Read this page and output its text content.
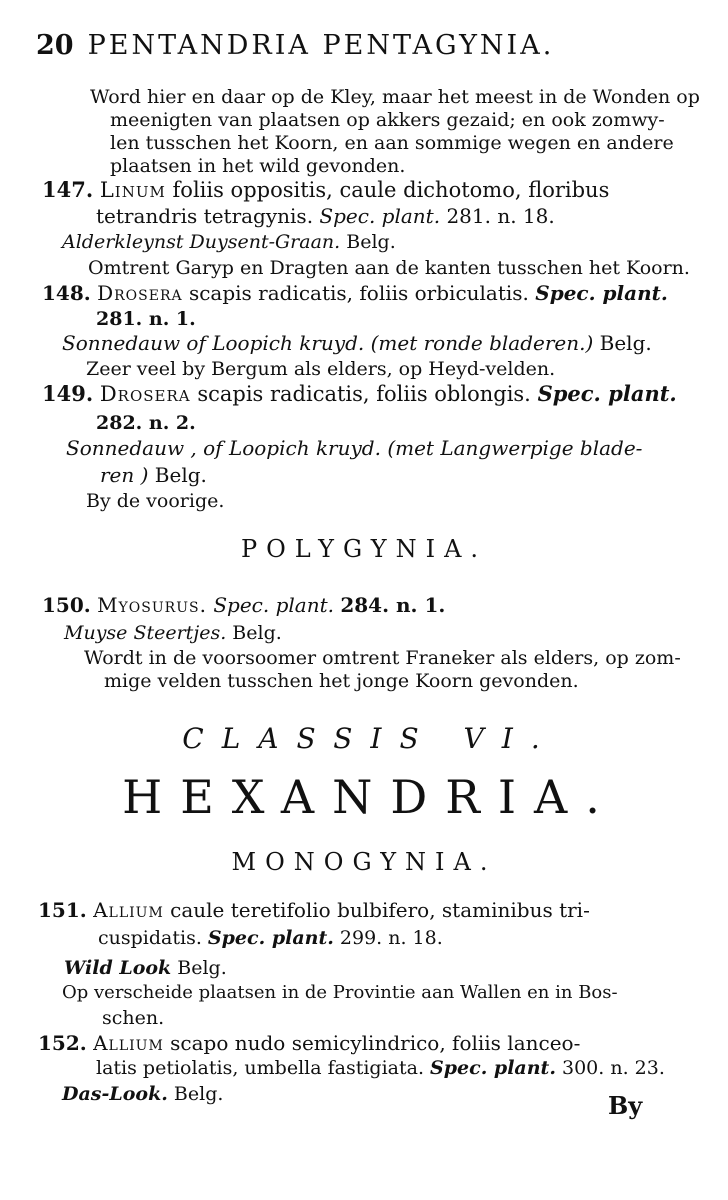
20 PENTANDRIA PENTAGYNIA.
Word hier en daar op de Kley, maar het meest in de Wonden op
meenigten van plaatsen op akkers gezaid; en ook zomwy-
len tusschen het Koorn, en aan sommige wegen en andere
plaatsen in het wild gevonden.
147. Linum foliis oppositis, caule dichotomo, floribus
tetrandris tetragynis. Spec. plant. 281. n. 18.
Alderkleynst Duysent-Graan. Belg.
Omtrent Garyp en Dragten aan de kanten tusschen het Koorn.
148. Drosera scapis radicatis, foliis orbiculatis. Spec. plant.
281. n. 1.
Sonnedauw of Loopich kruyd. (met ronde bladeren.) Belg.
Zeer veel by Bergum als elders, op Heyd-velden.
149. Drosera scapis radicatis, foliis oblongis. Spec. plant.
282. n. 2.
Sonnedauw , of Loopich kruyd. (met Langwerpige blade-
ren ) Belg.
By de voorige.
POLYGYNIA.
150. Myosurus. Spec. plant. 284. n. 1.
Muyse Steertjes. Belg.
Wordt in de voorsoomer omtrent Franeker als elders, op zom-
mige velden tusschen het jonge Koorn gevonden.
CLASSIS VI.
HEXANDRIA.
MONOGYNIA.
151. Allium caule teretifolio bulbifero, staminibus tri-
cuspidatis. Spec. plant. 299. n. 18.
Wild Look Belg.
Op verscheide plaatsen in de Provintie aan Wallen en in Bos-
schen.
152. Allium scapo nudo semicylindrico, foliis lanceo-
latis petiolatis, umbella fastigiata. Spec. plant. 300. n. 23.
Das-Look. Belg.	By
